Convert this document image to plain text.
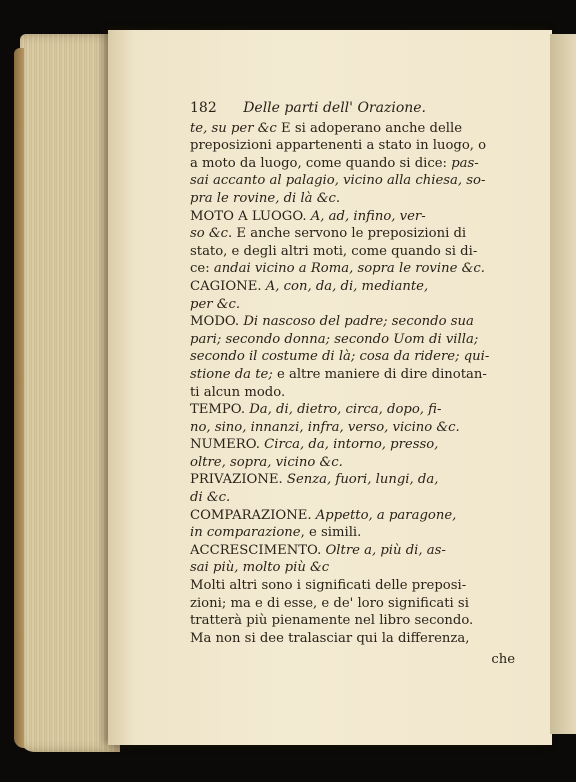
182 Delle parti dell' Orazione.
te, su per &c E si adoperano anche delle
preposizioni appartenenti a stato in luogo, o
a moto da luogo, come quando si dice: pas-
sai accanto al palagio, vicino alla chiesa, so-
pra le rovine, di là &c.
MOTO A LUOGO. A, ad, infino, ver-
so &c. E anche servono le preposizioni di
stato, e degli altri moti, come quando si di-
ce: andai vicino a Roma, sopra le rovine &c.
CAGIONE. A, con, da, di, mediante,
per &c.
MODO. Di nascoso del padre; secondo sua
pari; secondo donna; secondo Uom di villa;
secondo il costume di là; cosa da ridere; qui-
stione da te; e altre maniere di dire dinotan-
ti alcun modo.
TEMPO. Da, di, dietro, circa, dopo, fi-
no, sino, innanzi, infra, verso, vicino &c.
NUMERO. Circa, da, intorno, presso,
oltre, sopra, vicino &c.
PRIVAZIONE. Senza, fuori, lungi, da,
di &c.
COMPARAZIONE. Appetto, a paragone,
in comparazione, e simili.
ACCRESCIMENTO. Oltre a, più di, as-
sai più, molto più &c
Molti altri sono i significati delle preposi-
zioni; ma e di esse, e de' loro significati si
tratterà più pienamente nel libro secondo.
Ma non si dee tralasciar qui la differenza,
che
